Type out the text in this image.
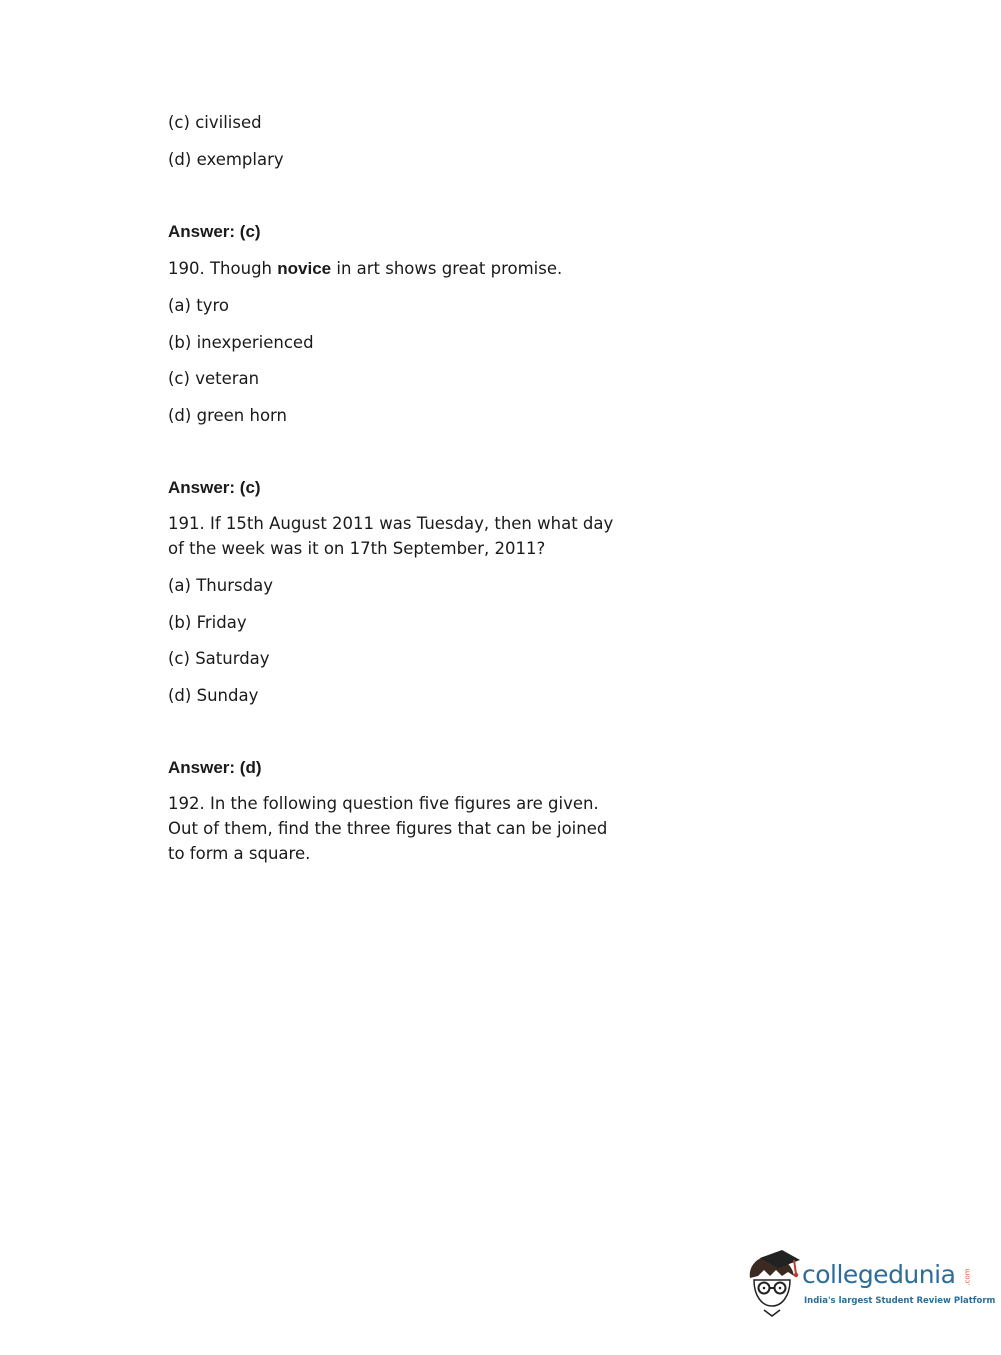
(c) civilised
(d) exemplary
Answer: (c)
190. Though novice in art shows great promise.
(a) tyro
(b) inexperienced
(c) veteran
(d) green horn
Answer: (c)
191. If 15th August 2011 was Tuesday, then what day of the week was it on 17th September, 2011?
(a) Thursday
(b) Friday
(c) Saturday
(d) Sunday
Answer: (d)
192. In the following question five figures are given. Out of them, find the three figures that can be joined to form a square.
collegedunia .com
India's largest Student Review Platform
